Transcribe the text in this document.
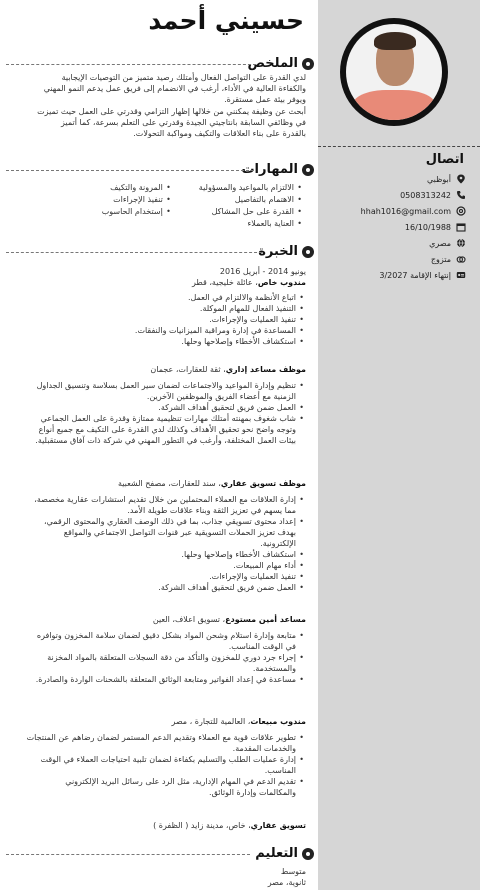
حسيني أحمد
الملخص
لدي القدرة على التواصل الفعال وأمتلك رصيد متميز من التوصيات الإيجابية والكفاءة العالية في الأداء، أرغب في الانضمام إلى فريق عمل يدعم النمو المهني ويوفر بيئة عمل مستقرة.
أبحث عن وظيفة يمكنني من خلالها إظهار التزامي وقدرتي على العمل حيث تميزت في وظائفي السابقة بانتاجيتي الجيدة وقدرتي على التعلم بسرعة، كما أتميز بالقدرة على بناء العلاقات والتكيف ومواكبة التحولات.
المهارات
• الالتزام بالمواعيد والمسؤولية
• الاهتمام بالتفاصيل
• القدرة على حل المشاكل
• العناية بالعملاء
• المرونة والتكيف
• تنفيذ الإجراءات
• إستخدام الحاسوب
الخبرة
يونيو 2014 - أبريل 2016
مندوب خاص، عائلة خليجية، قطر
• اتباع الأنظمة والالتزام في العمل.
• التنفيذ الفعال للمهام الموكلة.
• تنفيذ العمليات والإجراءات.
• المساعدة في إدارة ومراقبة الميزانيات والنفقات.
• استكشاف الأخطاء وإصلاحها وحلها.
موظف مساعد إداري، ثقة للعقارات، عجمان
• تنظيم وإدارة المواعيد والاجتماعات لضمان سير العمل بسلاسة وتنسيق الجداول الزمنية مع أعضاء الفريق والموظفين الآخرين.
• العمل ضمن فريق لتحقيق أهداف الشركة.
• شاب شغوف بمهنته أمتلك مهارات تنظيمية ممتازة وقدرة على العمل الجماعي وتوجه واضح نحو تحقيق الأهداف وكذلك لدي القدرة على التكيف مع جميع أنواع بيئات العمل المختلفة، وأرغب في التطور المهني في شركة ذات آفاق مستقبلية.
موظف تسويق عقاري، سند للعقارات، مصفح الشعبية
• إدارة العلاقات مع العملاء المحتملين من خلال تقديم استشارات عقارية مخصصة، مما يسهم في تعزيز الثقة وبناء علاقات طويلة الأمد.
• إعداد محتوى تسويقي جذاب، بما في ذلك الوصف العقاري والمحتوى الرقمي، بهدف تعزيز الحملات التسويقية عبر قنوات التواصل الاجتماعي والمواقع الإلكترونية.
• استكشاف الأخطاء وإصلاحها وحلها.
• أداء مهام المبيعات.
• تنفيذ العمليات والإجراءات.
• العمل ضمن فريق لتحقيق أهداف الشركة.
مساعد أمين مستودع، تسويق اعلاف، العين
• متابعة وإدارة استلام وشحن المواد بشكل دقيق لضمان سلامة المخزون وتوافره في الوقت المناسب.
• إجراء جرد دوري للمخزون والتأكد من دقة السجلات المتعلقة بالمواد المخزنة والمستخدمة.
• مساعدة في إعداد الفواتير ومتابعة الوثائق المتعلقة بالشحنات الواردة والصادرة.
مندوب مبيعات، العالمية للتجارة ، مصر
• تطوير علاقات قوية مع العملاء وتقديم الدعم المستمر لضمان رضاهم عن المنتجات والخدمات المقدمة.
• إدارة عمليات الطلب والتسليم بكفاءة لضمان تلبية احتياجات العملاء في الوقت المناسب.
• تقديم الدعم في المهام الإدارية، مثل الرد على رسائل البريد الإلكتروني والمكالمات وإدارة الوثائق.
تسويق عقاري، خاص، مدينة زايد ( الظفرة )
التعليم
متوسط
ثانوية، مصر
اتصال
أبوظبي
0508313242
hhah1016@gmail.com
16/10/1988
مصري
متزوج
إنتهاء الإقامة 3/2027
